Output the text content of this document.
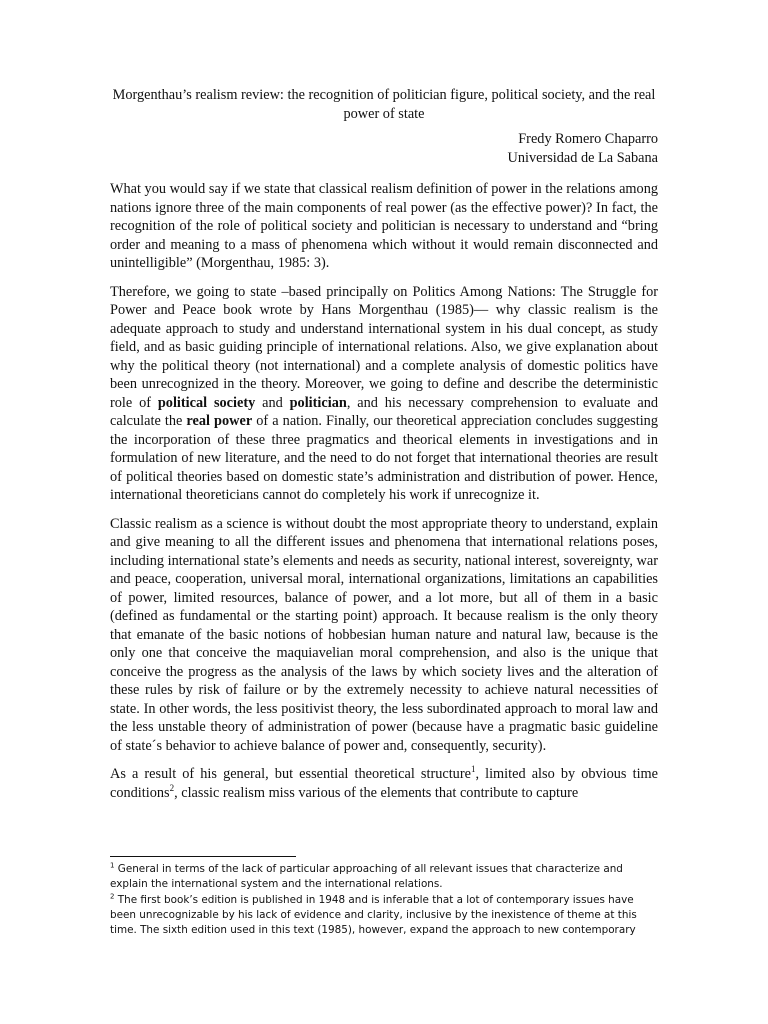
Morgenthau’s realism review: the recognition of politician figure, political society, and the real power of state
Fredy Romero Chaparro
Universidad de La Sabana

What you would say if we state that classical realism definition of power in the relations among nations ignore three of the main components of real power (as the effective power)? In fact, the recognition of the role of political society and politician is necessary to understand and “bring order and meaning to a mass of phenomena which without it would remain disconnected and unintelligible” (Morgenthau, 1985: 3).

Therefore, we going to state –based principally on Politics Among Nations: The Struggle for Power and Peace book wrote by Hans Morgenthau (1985)— why classic realism is the adequate approach to study and understand international system in his dual concept, as study field, and as basic guiding principle of international relations. Also, we give explanation about why the political theory (not international) and a complete analysis of domestic politics have been unrecognized in the theory. Moreover, we going to define and describe the deterministic role of political society and politician, and his necessary comprehension to evaluate and calculate the real power of a nation. Finally, our theoretical appreciation concludes suggesting the incorporation of these three pragmatics and theorical elements in investigations and in formulation of new literature, and the need to do not forget that international theories are result of political theories based on domestic state’s administration and distribution of power. Hence, international theoreticians cannot do completely his work if unrecognize it.

Classic realism as a science is without doubt the most appropriate theory to understand, explain and give meaning to all the different issues and phenomena that international relations poses, including international state’s elements and needs as security, national interest, sovereignty, war and peace, cooperation, universal moral, international organizations, limitations an capabilities of power, limited resources, balance of power, and a lot more, but all of them in a basic (defined as fundamental or the starting point) approach. It because realism is the only theory that emanate of the basic notions of hobbesian human nature and natural law, because is the only one that conceive the maquiavelian moral comprehension, and also is the unique that conceive the progress as the analysis of the laws by which society lives and the alteration of these rules by risk of failure or by the extremely necessity to achieve natural necessities of state. In other words, the less positivist theory, the less subordinated approach to moral law and the less unstable theory of administration of power (because have a pragmatic basic guideline of state´s behavior to achieve balance of power and, consequently, security).

As a result of his general, but essential theoretical structure$^1$, limited also by obvious time conditions$^2$, classic realism miss various of the elements that contribute to capture

$^1$ General in terms of the lack of particular approaching of all relevant issues that characterize and explain the international system and the international relations.

$^2$ The first book’s edition is published in 1948 and is inferable that a lot of contemporary issues have been unrecognizable by his lack of evidence and clarity, inclusive by the inexistence of theme at this time. The sixth edition used in this text (1985), however, expand the approach to new contemporary
